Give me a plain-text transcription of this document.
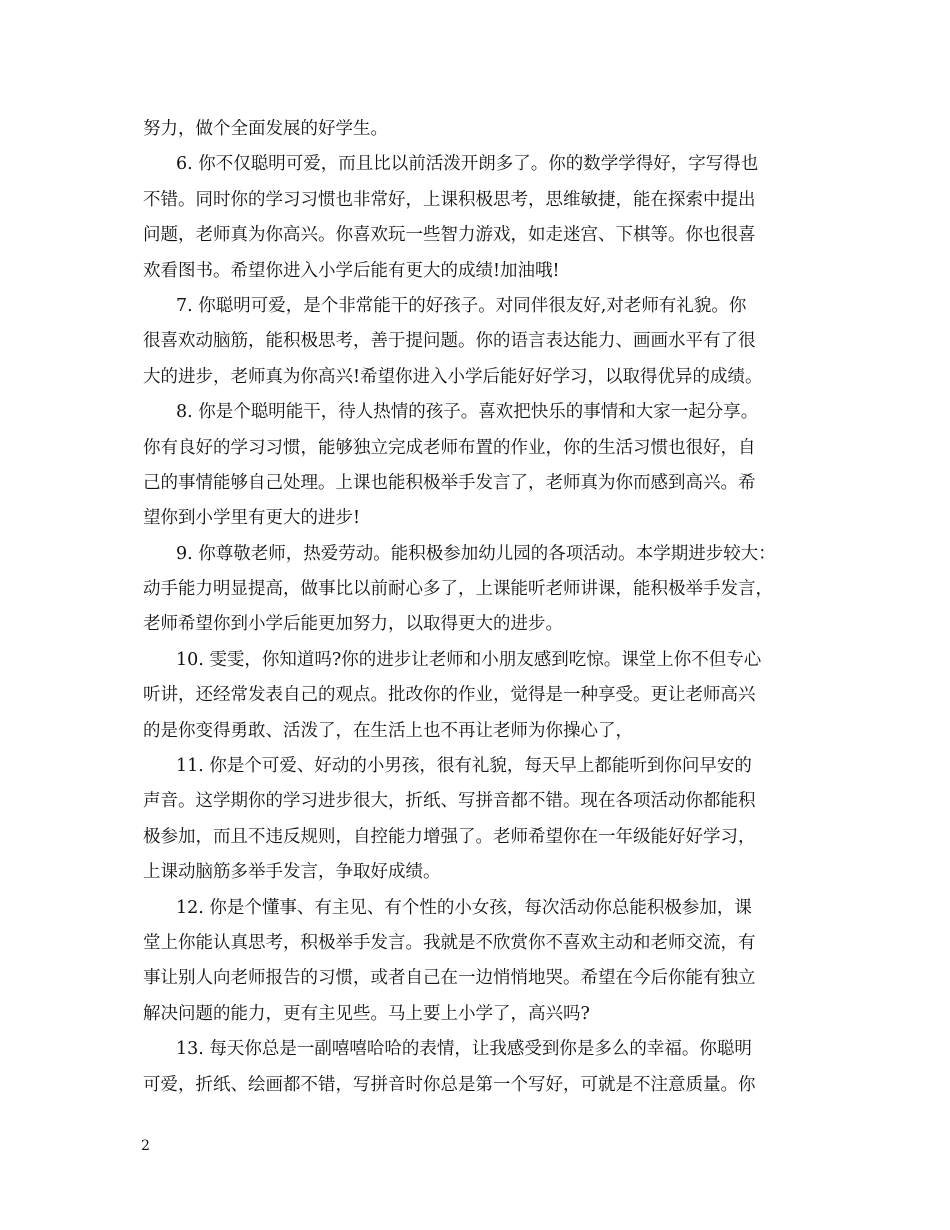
努力，做个全面发展的好学生。
6. 你不仅聪明可爱，而且比以前活泼开朗多了。你的数学学得好，字写得也
不错。同时你的学习习惯也非常好，上课积极思考，思维敏捷，能在探索中提出
问题，老师真为你高兴。你喜欢玩一些智力游戏，如走迷宫、下棋等。你也很喜
欢看图书。希望你进入小学后能有更大的成绩!加油哦!
7. 你聪明可爱，是个非常能干的好孩子。对同伴很友好,对老师有礼貌。你
很喜欢动脑筋，能积极思考，善于提问题。你的语言表达能力、画画水平有了很
大的进步，老师真为你高兴!希望你进入小学后能好好学习，以取得优异的成绩。
8. 你是个聪明能干，待人热情的孩子。喜欢把快乐的事情和大家一起分享。
你有良好的学习习惯，能够独立完成老师布置的作业，你的生活习惯也很好，自
己的事情能够自己处理。上课也能积极举手发言了，老师真为你而感到高兴。希
望你到小学里有更大的进步!
9. 你尊敬老师，热爱劳动。能积极参加幼儿园的各项活动。本学期进步较大：
动手能力明显提高，做事比以前耐心多了，上课能听老师讲课，能积极举手发言，
老师希望你到小学后能更加努力，以取得更大的进步。
10. 雯雯，你知道吗?你的进步让老师和小朋友感到吃惊。课堂上你不但专心
听讲，还经常发表自己的观点。批改你的作业，觉得是一种享受。更让老师高兴
的是你变得勇敢、活泼了，在生活上也不再让老师为你操心了，
11. 你是个可爱、好动的小男孩，很有礼貌，每天早上都能听到你问早安的
声音。这学期你的学习进步很大，折纸、写拼音都不错。现在各项活动你都能积
极参加，而且不违反规则，自控能力增强了。老师希望你在一年级能好好学习，
上课动脑筋多举手发言，争取好成绩。
12. 你是个懂事、有主见、有个性的小女孩，每次活动你总能积极参加，课
堂上你能认真思考，积极举手发言。我就是不欣赏你不喜欢主动和老师交流，有
事让别人向老师报告的习惯，或者自己在一边悄悄地哭。希望在今后你能有独立
解决问题的能力，更有主见些。马上要上小学了，高兴吗?
13. 每天你总是一副嘻嘻哈哈的表情，让我感受到你是多么的幸福。你聪明
可爱，折纸、绘画都不错，写拼音时你总是第一个写好，可就是不注意质量。你
2
